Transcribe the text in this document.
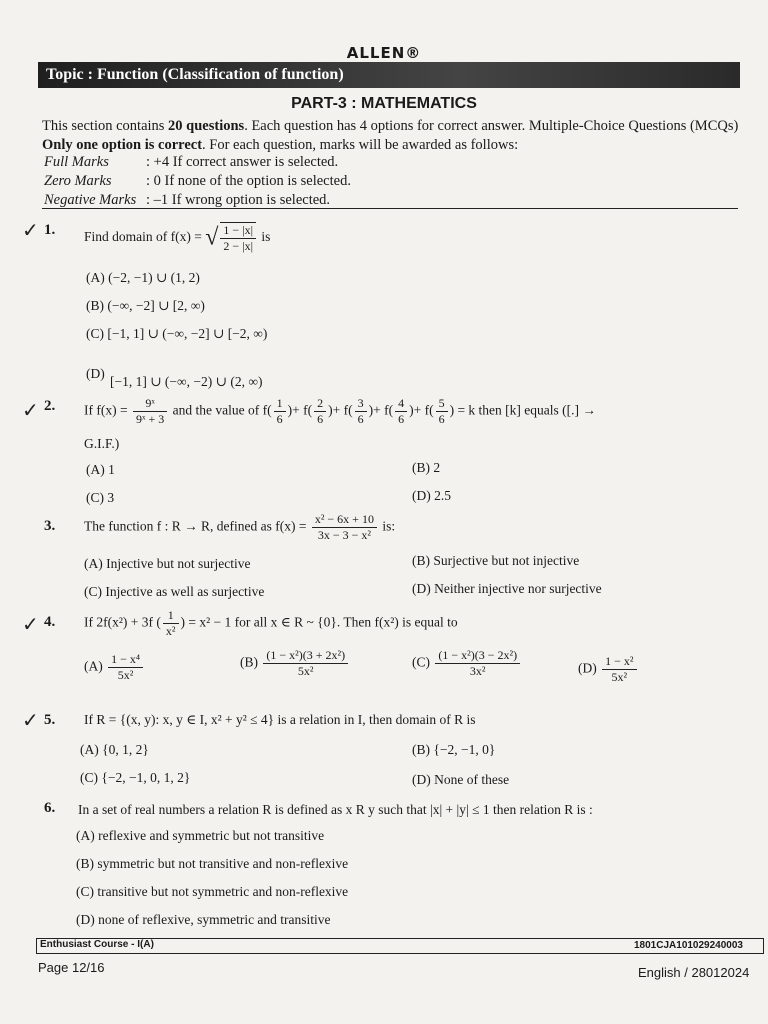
ALLEN®
Topic : Function (Classification of function)
PART-3 : MATHEMATICS
This section contains 20 questions. Each question has 4 options for correct answer. Multiple-Choice Questions (MCQs) Only one option is correct. For each question, marks will be awarded as follows:
Full Marks	: +4 If correct answer is selected.
Zero Marks : 0 If none of the option is selected.
Negative Marks : –1 If wrong option is selected.
✓ 1. Find domain of f(x) = √ $\frac{1 - |x|}{2 - |x|}$ is
(A) (−2, −1) ∪ (1, 2)
(B) (−∞, −2] ∪ [2, ∞)
(C) [−1, 1] ∪ (−∞, −2] ∪ [−2, ∞)
(D)
[−1, 1] ∪ (−∞, −2) ∪ (2, ∞)
✓ 2. If $f(x) = \frac{\text{9ˣ}}{\text{9ˣ + 3}}$ and the value of $f( \frac{1}{6}$ )+ $f( \frac{2}{6}$ )+ $f( \frac{3}{6}$ )+ $f( \frac{4}{6}$ )+ $f( \frac{5}{6}$ ) = k then [k] equals ([.] →
G.I.F.)
(A) 1	(B) 2
(C) 3	(D) 2.5
3. The function f : R → R, defined as $f(x) = \frac{\text{x² − 6x + 10}}{\text{3x − 3 − x²}}$ is:
(A) Injective but not surjective	(B) Surjective but not injective
(C) Injective as well as surjective	(D) Neither injective nor surjective
✓ 4. If 2f(x²) + 3f ( $\frac{1}{\text{x²}}$ ) = x² − 1 for all x ∈ R ~ {0}. Then f(x²) is equal to
$(A) \frac{\text{1 − x⁴}}{\text{5x²}}$	$(B) \frac{\text{(1 − x²)(3 + 2x²)}}{\text{5x²}}$	$(C) \frac{\text{(1 − x²)(3 − 2x²)}}{\text{3x²}}$	$(D) \frac{\text{1 − x²}}{\text{5x²}}$
✓ 5. If R = {(x, y): x, y ∈ I, x² + y² ≤ 4} is a relation in I, then domain of R is
(A) {0, 1, 2}	(B) {−2, −1, 0}
(C) {−2, −1, 0, 1, 2}	(D) None of these
6. In a set of real numbers a relation R is defined as x R y such that |x| + |y| ≤ 1 then relation R is :
(A) reflexive and symmetric but not transitive
(B) symmetric but not transitive and non-reflexive
(C) transitive but not symmetric and non-reflexive
(D) none of reflexive, symmetric and transitive
Enthusiast Course - I(A)	1801CJA101029240003
Page 12/16	English / 28012024
